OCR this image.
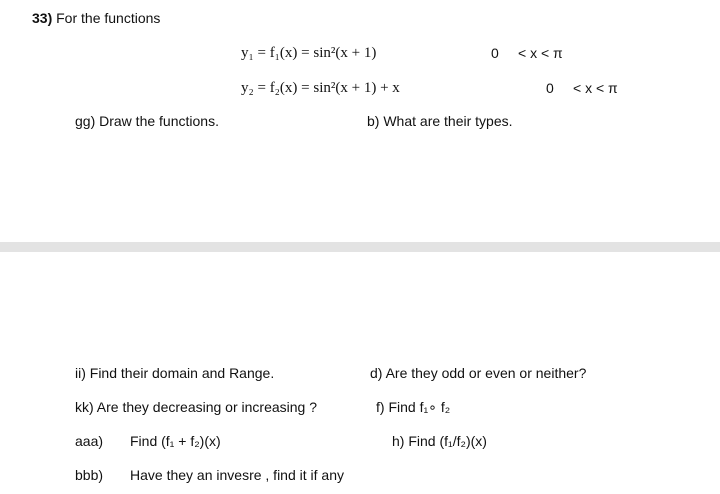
33) For the functions
y₁ = f₁(x) = sin²(x + 1)	0 < x < π
y₂ = f₂(x) = sin²(x + 1) + x	0 < x < π
gg) Draw the functions.	b) What are their types.
ii) Find their domain and Range.	d) Are they odd or even or neither?
kk) Are they decreasing or increasing ?	f) Find f₁∘ f₂
aaa) Find (f₁ + f₂)(x)	h) Find (f₁/f₂)(x)
bbb) Have they an invesre , find it if any
